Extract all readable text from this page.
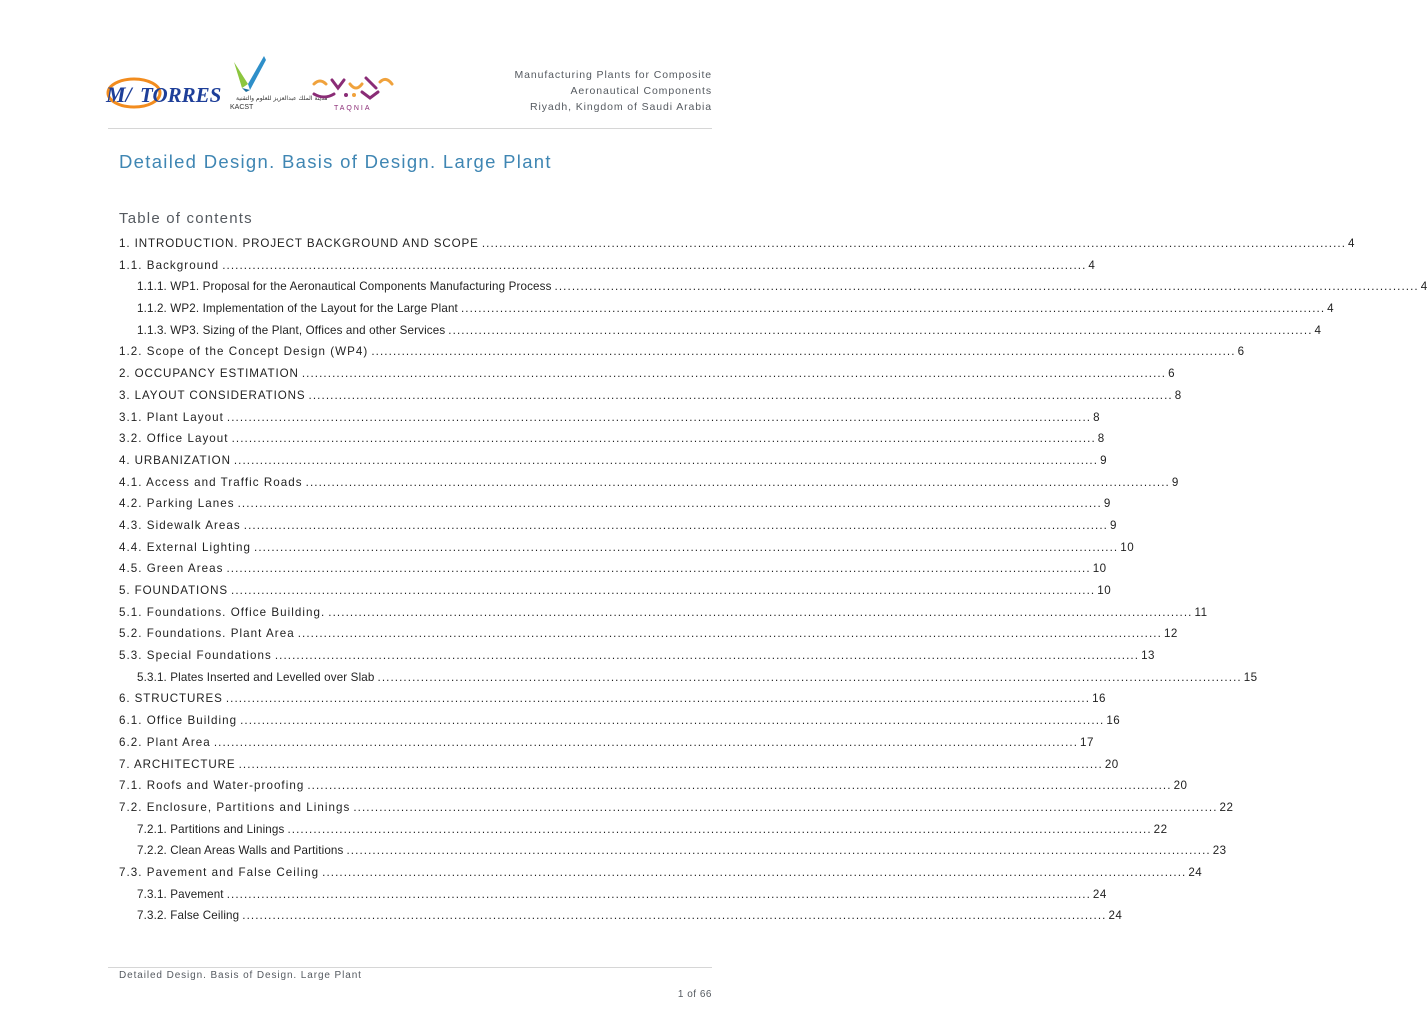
M/ TORRES مدينة الملك عبدالعزيز للعلوم والتقنية
KACST	TAQNIA
Manufacturing Plants for Composite
Aeronautical Components
Riyadh, Kingdom of Saudi Arabia
Detailed Design. Basis of Design. Large Plant
Table of contents
1. INTRODUCTION. PROJECT BACKGROUND AND SCOPE .....	4
1.1. Background .....	4
1.1.1. WP1. Proposal for the Aeronautical Components Manufacturing Process .....	4
1.1.2. WP2. Implementation of the Layout for the Large Plant .....	4
1.1.3. WP3. Sizing of the Plant, Offices and other Services .....	4
1.2. Scope of the Concept Design (WP4) .....	6
2. OCCUPANCY ESTIMATION .....	6
3. LAYOUT CONSIDERATIONS .....	8
3.1. Plant Layout .....	8
3.2. Office Layout .....	8
4. URBANIZATION .....	9
4.1. Access and Traffic Roads .....	9
4.2. Parking Lanes .....	9
4.3. Sidewalk Areas .....	9
4.4. External Lighting .....	10
4.5. Green Areas .....	10
5. FOUNDATIONS .....	10
5.1. Foundations. Office Building. .....	11
5.2. Foundations. Plant Area .....	12
5.3. Special Foundations .....	13
5.3.1. Plates Inserted and Levelled over Slab .....	15
6. STRUCTURES .....	16
6.1. Office Building .....	16
6.2. Plant Area .....	17
7. ARCHITECTURE .....	20
7.1. Roofs and Water-proofing .....	20
7.2. Enclosure, Partitions and Linings .....	22
7.2.1. Partitions and Linings .....	22
7.2.2. Clean Areas Walls and Partitions .....	23
7.3. Pavement and False Ceiling .....	24
7.3.1. Pavement .....	24
7.3.2. False Ceiling .....	24
Detailed Design. Basis of Design. Large Plant
1 of 66
